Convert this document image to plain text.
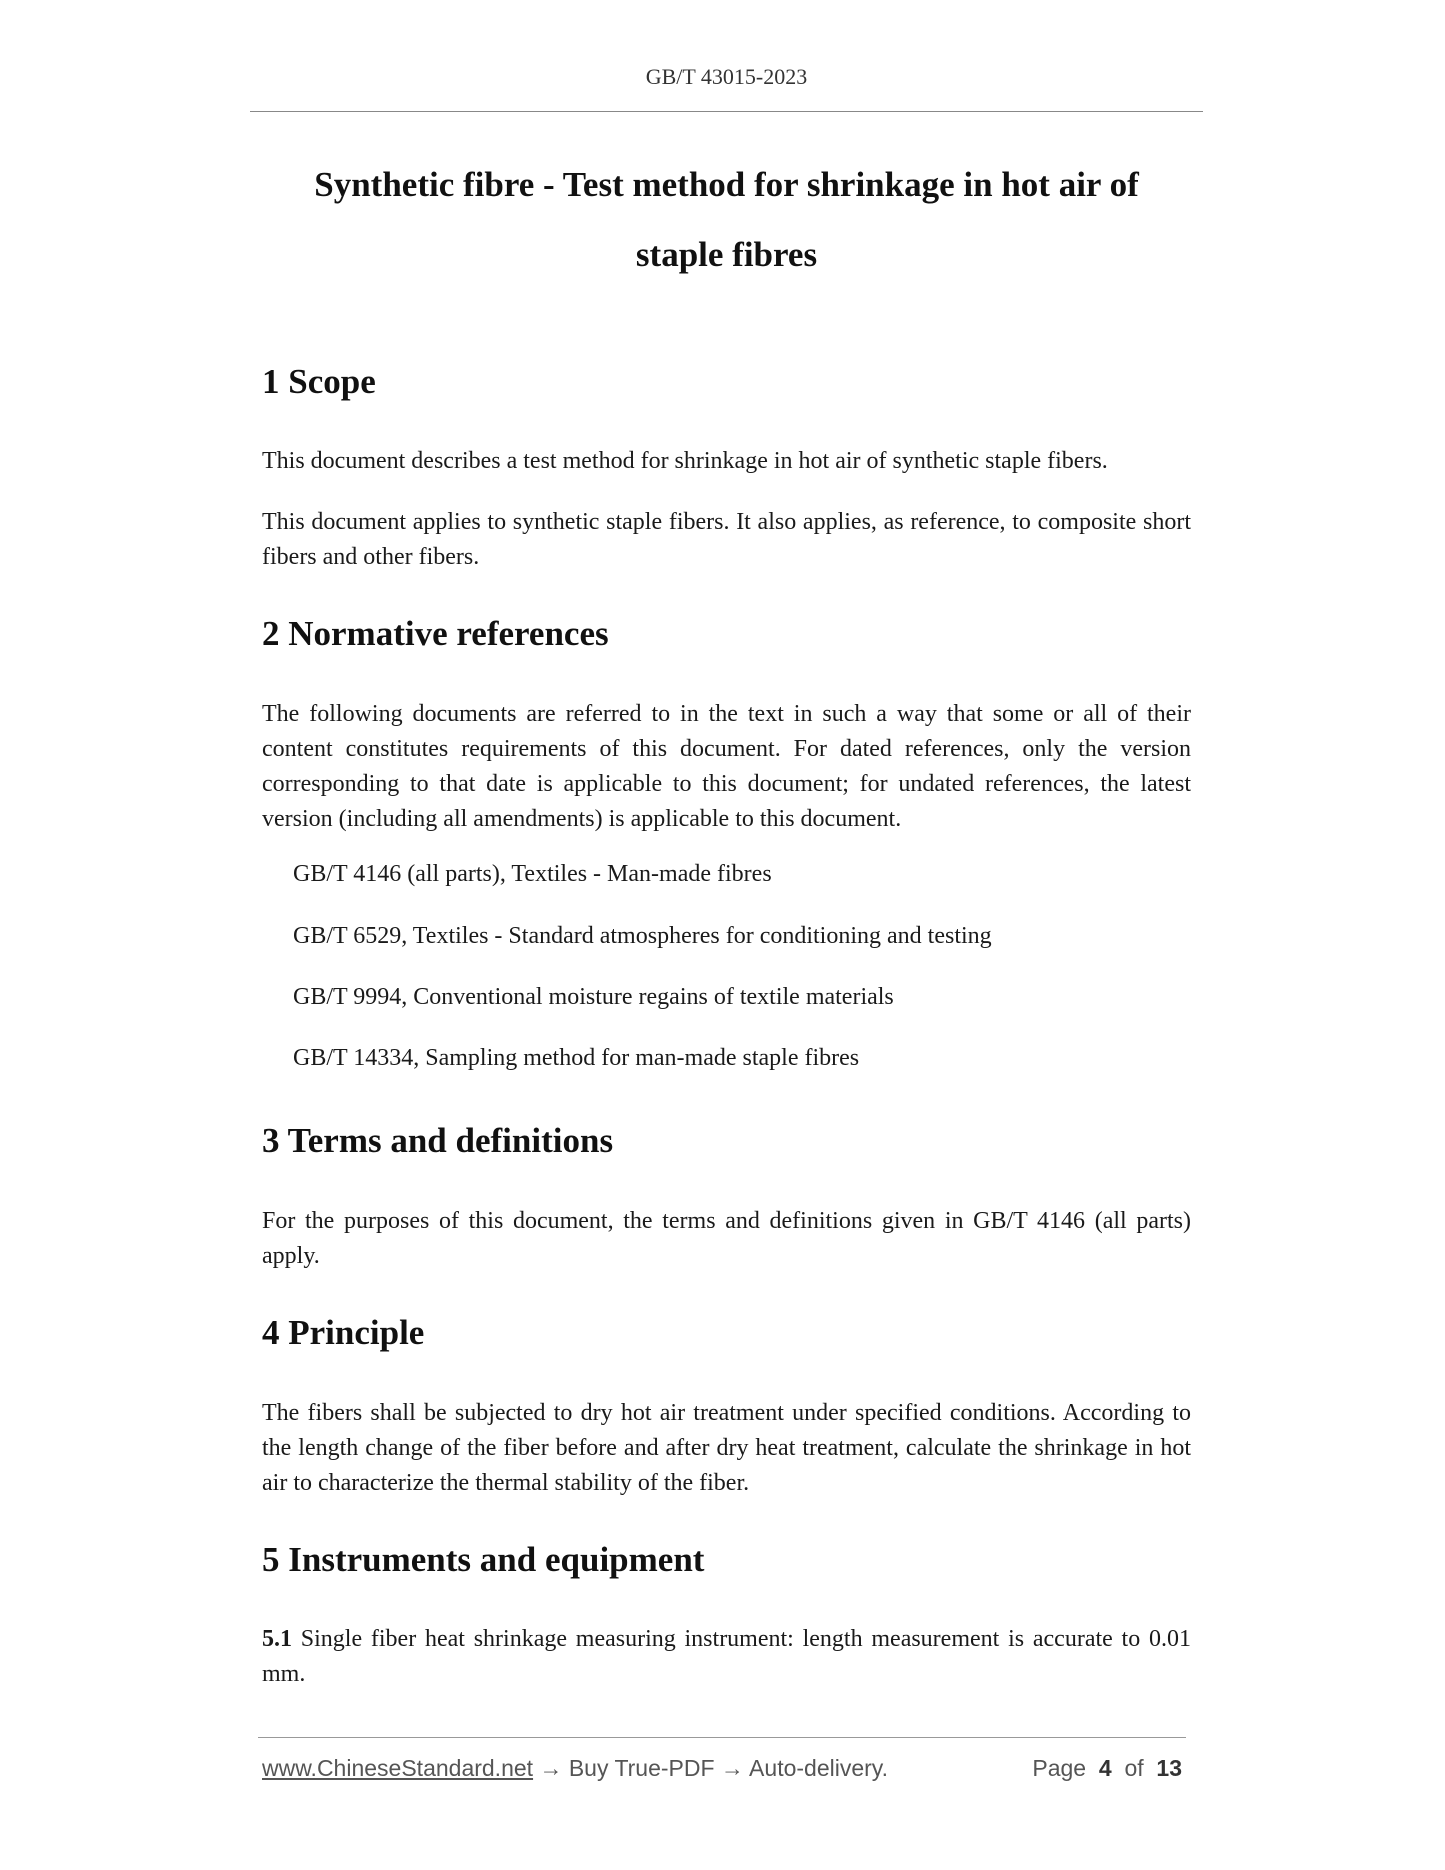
GB/T 43015-2023
Synthetic fibre - Test method for shrinkage in hot air of
staple fibres
1 Scope

This document describes a test method for shrinkage in hot air of synthetic staple fibers.

This document applies to synthetic staple fibers. It also applies, as reference, to composite short fibers and other fibers.

2 Normative references

The following documents are referred to in the text in such a way that some or all of their content constitutes requirements of this document. For dated references, only the version corresponding to that date is applicable to this document; for undated references, the latest version (including all amendments) is applicable to this document.

GB/T 4146 (all parts), Textiles - Man-made fibres
GB/T 6529, Textiles - Standard atmospheres for conditioning and testing
GB/T 9994, Conventional moisture regains of textile materials
GB/T 14334, Sampling method for man-made staple fibres
3 Terms and definitions

For the purposes of this document, the terms and definitions given in GB/T 4146 (all parts) apply.

4 Principle

The fibers shall be subjected to dry hot air treatment under specified conditions. According to the length change of the fiber before and after dry heat treatment, calculate the shrinkage in hot air to characterize the thermal stability of the fiber.

5 Instruments and equipment

5.1 Single fiber heat shrinkage measuring instrument: length measurement is accurate to 0.01 mm.

www.ChineseStandard.net → Buy True-PDF → Auto-delivery.	Page 4 of 13
